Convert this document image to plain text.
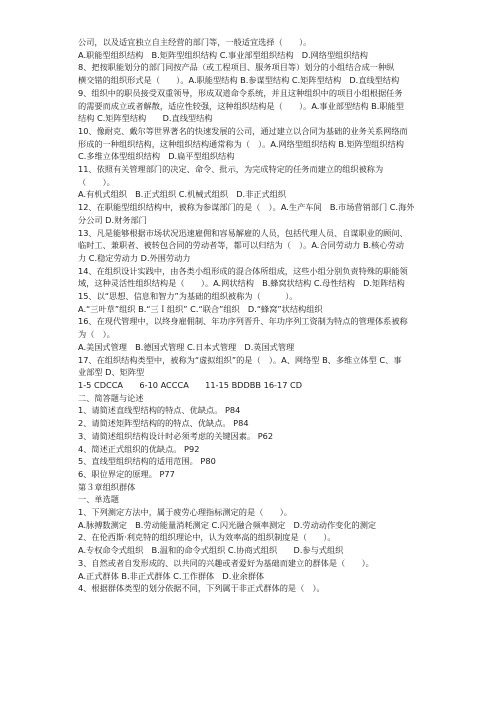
公司，以及适宜独立自主经营的部门等，一般适宜选择（　　）。
A.职能型组织结构　B.矩阵型组织结构 C.事业部型组织结构　D.网络型组织结构
8、把按职能划分的部门同按产品（或工程项目、服务项目等）划分的小组结合成一种纵
横交错的组织形式是（　　）。A.职能型结构 B.参谋型结构 C.矩阵型结构　D.直线型结构
9、组织中的职员接受双重领导，形成双道命令系统，并且这种组织中的项目小组根据任务
的需要而成立或者解散，适应性较强，这种组织结构是（　　）。A.事业部型结构 B.职能型
结构 C.矩阵型结构　　D.直线型结构
10、像耐克、戴尔等世界著名的快速发展的公司，通过建立以合同为基础的业务关系网络而
形成的一种组织结构，这种组织结构通常称为（　）。A.网络型组织结构 B.矩阵型组织结构
C.多维立体型组织结构　D.扁平型组织结构
11、依照有关管理部门的决定、命令、批示，为完成特定的任务而建立的组织被称为
（　　）。
A.有机式组织　B.正式组织 C.机械式组织　D.非正式组织
12、在职能型组织结构中，被称为参谋部门的是（　）。A.生产车间　B.市场营销部门 C.海外
分公司 D.财务部门
13、凡是能够根据市场状况迅速雇佣和容易解雇的人员，包括代理人员、自谋职业的顾问、
临时工、兼职者、被转包合同的劳动者等，都可以归结为（　）。A.合同劳动力 B.核心劳动
力 C.稳定劳动力 D.外围劳动力
14、在组织设计实践中，由各类小组形成的混合体所组成，这些小组分别负责特殊的职能领
域，这种灵活性组织结构是（　　）。A.网状结构　B.蜂窝状结构 C.母性结构　D.矩阵结构
15、以“思想、信息和智力”为基础的组织被称为（　　　）。
A.“三叶草”组织 B.“三Ｉ组织” C.“联合”组织　D.“蜂窝”状结构组织
16、在现代管理中，以终身雇佣制、年功序列晋升、年功序列工资制为特点的管理体系被称
为（　）。
A.美国式管理　B.德国式管理 C.日本式管理　D.英国式管理
17、在组织结构类型中，被称为“虚拟组织”的是（　）。A、网络型 B、多维立体型 C、事
业部型 D、矩阵型
1-5 CDCCA　　6-10 ACCCA　　11-15 BDDBB 16-17 CD
二、简答题与论述
1、请简述直线型结构的特点、优缺点。 P84
2、请简述矩阵型结构的的特点、优缺点。 P84
3、请简述组织结构设计时必须考虑的关键因素。 P62
4、简述正式组织的优缺点。 P92
5、直线型组织结构的适用范围。 P80
6、职位界定的原理。 P77
第３章组织群体
一、单选题
1、下列测定方法中，属于疲劳心理指标测定的是（　　）。
A.脉搏数测定　B.劳动能量消耗测定 C.闪光融合频率测定　D.劳动动作变化的测定
2、在伦西斯·利克特的组织理论中，认为效率高的组织制度是（　　）。
A.专权命令式组织　B.温和的命令式组织 C.协商式组织　　D.参与式组织
3、自然或者自发形成的、以共同的兴趣或者爱好为基础而建立的群体是（　　）。
A.正式群体 B.非正式群体 C.工作群体　D.业余群体
4、根据群体类型的划分依据不同，下列属于非正式群体的是（　）。
